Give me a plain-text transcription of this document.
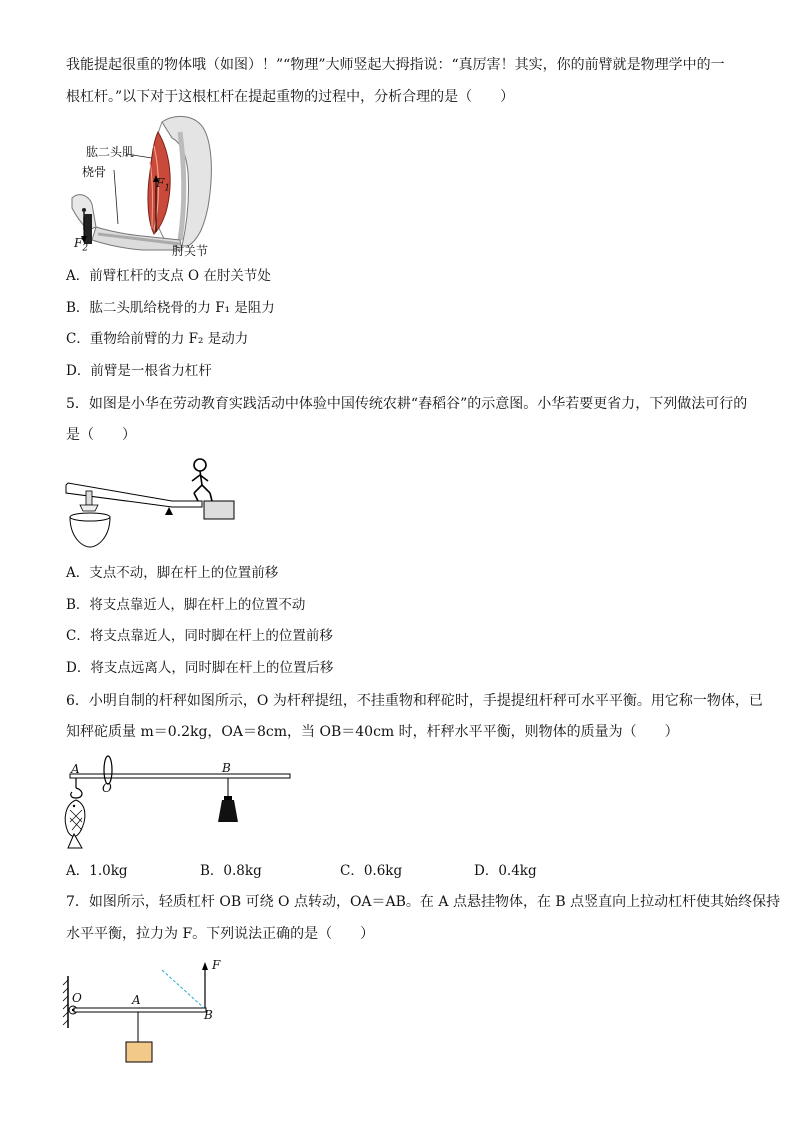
我能提起很重的物体哦（如图）！”“物理”大师竖起大拇指说：“真厉害！其实，你的前臂就是物理学中的一
根杠杆。”以下对于这根杠杆在提起重物的过程中，分析合理的是（　　）
肱二头肌
桡骨
肘关节
$F_1$
$F_2$
A．前臂杠杆的支点 O 在肘关节处
B．肱二头肌给桡骨的力 F₁ 是阻力
C．重物给前臂的力 F₂ 是动力
D．前臂是一根省力杠杆
5．如图是小华在劳动教育实践活动中体验中国传统农耕“舂稻谷”的示意图。小华若要更省力，下列做法可行的
是（　　）
A．支点不动，脚在杆上的位置前移
B．将支点靠近人，脚在杆上的位置不动
C．将支点靠近人，同时脚在杆上的位置前移
D．将支点远离人，同时脚在杆上的位置后移
6．小明自制的杆秤如图所示，O 为杆秤提纽，不挂重物和秤砣时，手提提纽杆秤可水平平衡。用它称一物体，已
知秤砣质量 m＝0.2kg，OA＝8cm，当 OB＝40cm 时，杆秤水平平衡，则物体的质量为（　　）
A
O
B
A．1.0kg	B．0.8kg	C．0.6kg	D．0.4kg
7．如图所示，轻质杠杆 OB 可绕 O 点转动，OA＝AB。在 A 点悬挂物体，在 B 点竖直向上拉动杠杆使其始终保持
水平平衡，拉力为 F。下列说法正确的是（　　）
O	A
B
F
